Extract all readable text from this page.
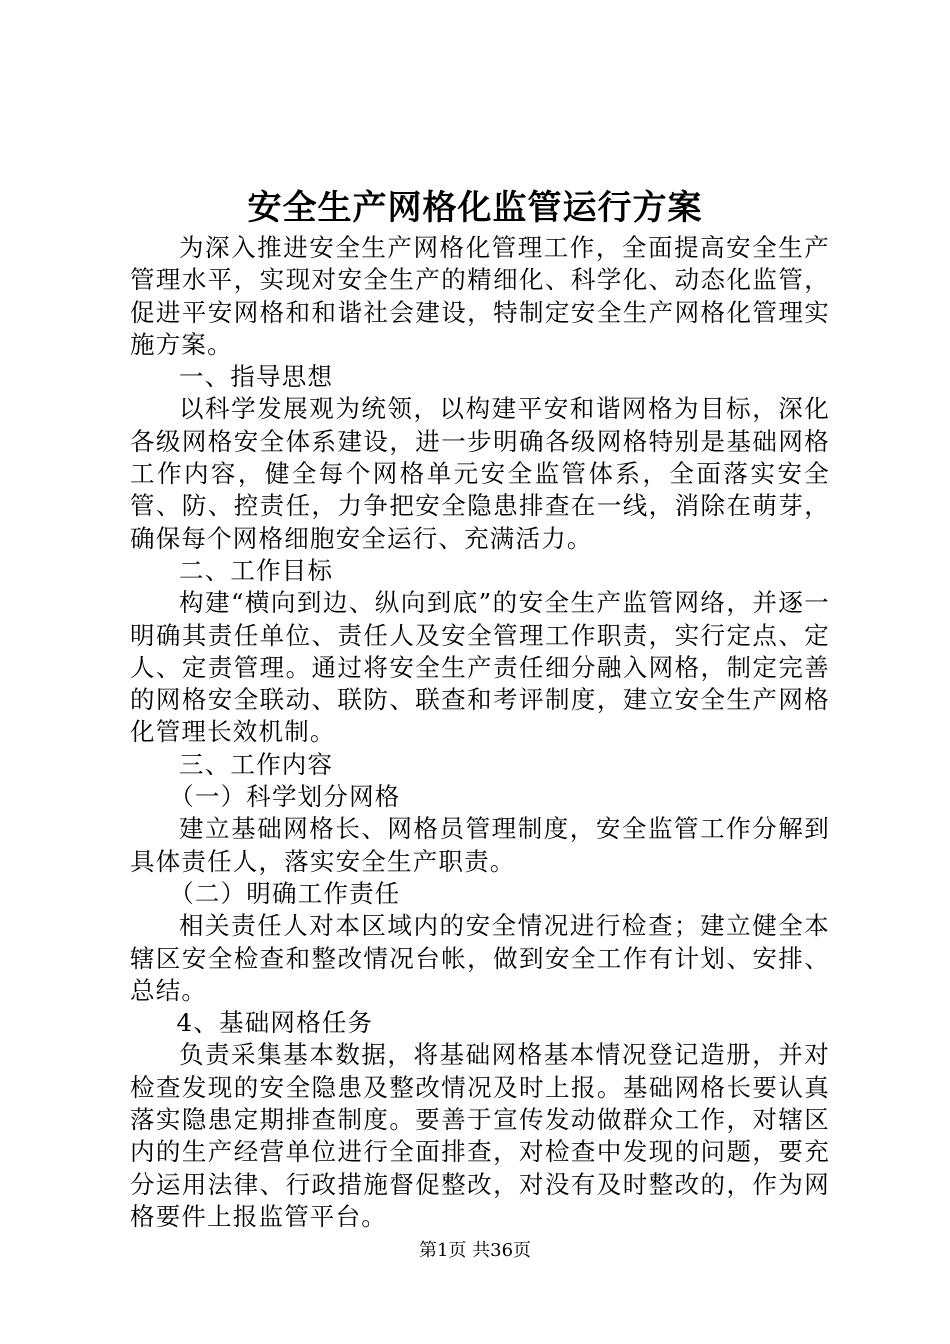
安全生产网格化监管运行方案

为深入推进安全生产网格化管理工作，全面提高安全生产管理水平，实现对安全生产的精细化、科学化、动态化监管，促进平安网格和和谐社会建设，特制定安全生产网格化管理实施方案。

一、指导思想

以科学发展观为统领，以构建平安和谐网格为目标，深化各级网格安全体系建设，进一步明确各级网格特别是基础网格工作内容，健全每个网格单元安全监管体系，全面落实安全管、防、控责任，力争把安全隐患排查在一线，消除在萌芽，确保每个网格细胞安全运行、充满活力。

二、工作目标

构建“横向到边、纵向到底”的安全生产监管网络，并逐一明确其责任单位、责任人及安全管理工作职责，实行定点、定人、定责管理。通过将安全生产责任细分融入网格，制定完善的网格安全联动、联防、联查和考评制度，建立安全生产网格化管理长效机制。

三、工作内容

（一）科学划分网格

建立基础网格长、网格员管理制度，安全监管工作分解到具体责任人，落实安全生产职责。

（二）明确工作责任

相关责任人对本区域内的安全情况进行检查；建立健全本辖区安全检查和整改情况台帐，做到安全工作有计划、安排、总结。

4、基础网格任务

负责采集基本数据，将基础网格基本情况登记造册，并对检查发现的安全隐患及整改情况及时上报。基础网格长要认真落实隐患定期排查制度。要善于宣传发动做群众工作，对辖区内的生产经营单位进行全面排查，对检查中发现的问题，要充分运用法律、行政措施督促整改，对没有及时整改的，作为网格要件上报监管平台。

第1页 共36页
